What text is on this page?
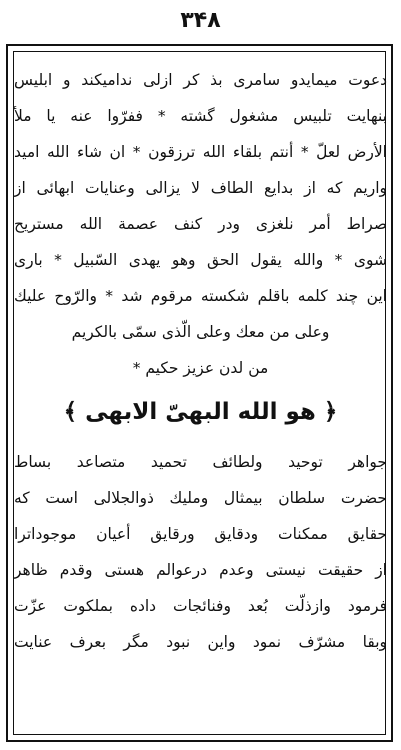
۳۴۸
دعوت میمایدو سامری بذ کر ازلی ندامیکند و ابلیس
بنهایت تلبیس مشغول گشته * ففرّوا عنه یا ملأ
الأرض لعلّ * أنتم بلقاء الله ترزقون * ان شاء الله امید
واریم که از بدایع الطاف لا یزالی وعنایات ابهائی از
صراط أمر نلغزی ودر کنف عصمة الله مستریح
شوی * والله یقول الحق وهو یهدی السّبیل * باری
این چند کلمه باقلم شکسته مرقوم شد * والرّوح علیك
وعلی من معك وعلی الّذی سمّی بالکریم
من لدن عزیز حکیم *
﴿ هو الله البهیّ الابهی ﴾
جواهر توحید ولطائف تحمید متصاعد بساط
حضرت سلطان بیمثال وملیك ذوالجلالی است که
حقایق ممکنات ودقایق ورقایق أعیان موجوداترا
از حقیقت نیستی وعدم درعوالم هستی وقدم ظاهر
فرمود وازذلّت بُعد وفنائجات داده بملکوت عزّت
وبقا مشرّف نمود واین نبود مگر بعرف عنایت
